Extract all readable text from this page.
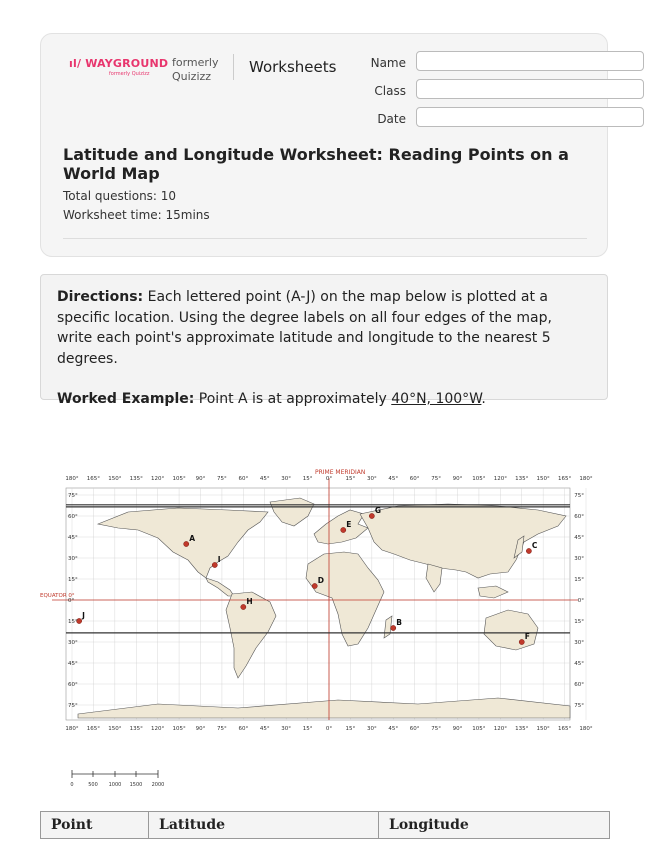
ıl/ WAYGROUND
formerly Quizizz
formerly
Quizizz
Worksheets	Name
Class
Date
Latitude and Longitude Worksheet: Reading Points on a World Map
Total questions: 10
Worksheet time: 15mins
Directions: Each lettered point (A-J) on the map below is plotted at a specific location. Using the degree labels on all four edges of the map, write each point's approximate latitude and longitude to the nearest 5 degrees.
Worked Example: Point A is at approximately 40°N, 100°W.
A
B
C
D
E
F
G
H
I
J
180°
180°
165°
165°
150°
150°
135°
135°
120°
120°
105°
105°
90°
90°
75°
75°
60°
60°
45°
45°
30°
30°
15°
15°
0°
0°
15°
15°
30°
30°
45°
45°
60°
60°
75°
75°
90°
90°
105°
105°
120°
120°
135°
135°
150°
150°
165°
165°
180°
180°
75°	75°
60°	60°
45°	45°
30°	30°
15°	15°
0°	0°
15°	15°
30°	30°
45°	45°
60°	60°
75°	75°
PRIME MERIDIAN
EQUATOR 0°
0	500 1000 1500 2000
Point	Latitude	Longitude
